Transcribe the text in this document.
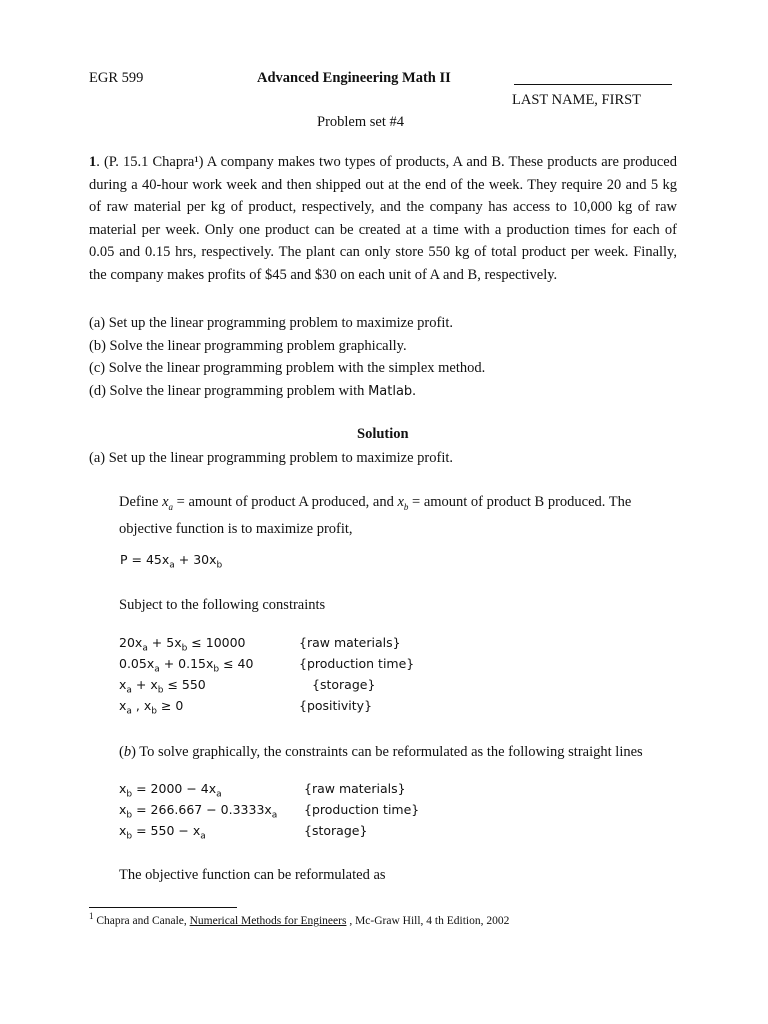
EGR 599	Advanced Engineering Math II
LAST NAME, FIRST
Problem set #4

1. (P. 15.1 Chapra¹) A company makes two types of products, A and B. These products are produced during a 40-hour work week and then shipped out at the end of the week. They require 20 and 5 kg of raw material per kg of product, respectively, and the company has access to 10,000 kg of raw material per week. Only one product can be created at a time with a production times for each of 0.05 and 0.15 hrs, respectively. The plant can only store 550 kg of total product per week. Finally, the company makes profits of $45 and $30 on each unit of A and B, respectively.

(a) Set up the linear programming problem to maximize profit.
(b) Solve the linear programming problem graphically.
(c) Solve the linear programming problem with the simplex method.
(d) Solve the linear programming problem with Matlab.
Solution
(a) Set up the linear programming problem to maximize profit.

Define $x_a$ = amount of product A produced, and $x_b$ = amount of product B produced. The

objective function is to maximize profit,

$P = 45x_a + 30x_b$
Subject to the following constraints
$20x_a + 5x_b \le 10000$	{raw materials}
$0.05x_a + 0.15x_b \le 40$	{production time}
$x_a + x_b \le 550$	{storage}
$x_a$ , $x_b \ge 0$	{positivity}
(b) To solve graphically, the constraints can be reformulated as the following straight lines
$x_b = 2000 - 4x_a$	{raw materials}
$x_b = 266.667 - 0.3333x_a$ {production time}
$x_b = 550 - x_a$	{storage}
The objective function can be reformulated as
$^1$ Chapra and Canale, Numerical Methods for Engineers , Mc-Graw Hill, 4 th Edition, 2002
